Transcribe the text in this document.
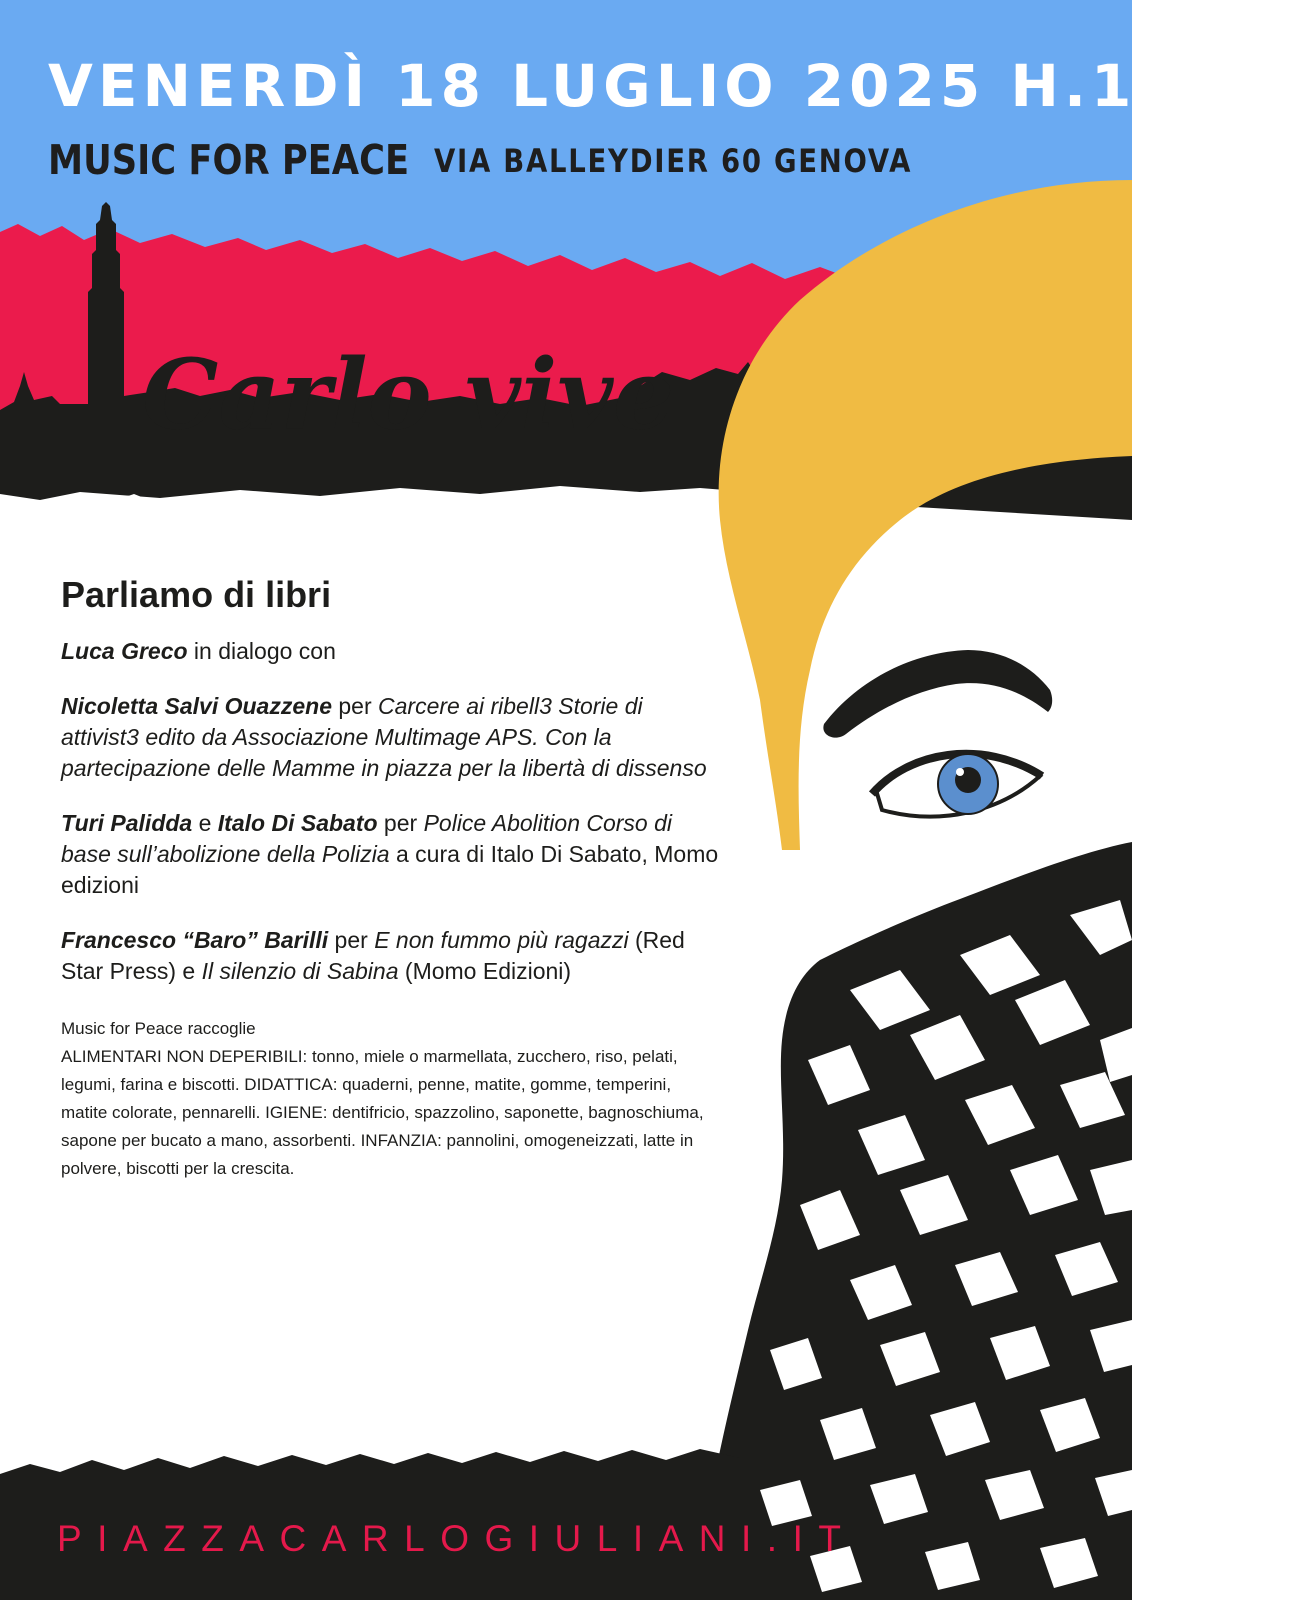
Carlo vive
VENERDÌ 18 LUGLIO 2025 H.17,30
MUSIC FOR PEACE VIA BALLEYDIER 60 GENOVA
Parliamo di libri

Luca Greco in dialogo con

Nicoletta Salvi Ouazzene per Carcere ai ribell3 Storie di attivist3 edito da Associazione Multimage APS. Con la partecipazione delle Mamme in piazza per la libertà di dissenso

Turi Palidda e Italo Di Sabato per Police Abolition Corso di base sull’abolizione della Polizia a cura di Italo Di Sabato, Momo edizioni

Francesco “Baro” Barilli per E non fummo più ragazzi (Red Star Press) e Il silenzio di Sabina (Momo Edizioni)

Music for Peace raccoglie
ALIMENTARI NON DEPERIBILI: tonno, miele o marmellata, zucchero, riso, pelati, legumi, farina e biscotti. DIDATTICA: quaderni, penne, matite, gomme, temperini, matite colorate, pennarelli. IGIENE: dentifricio, spazzolino, saponette, bagnoschiuma, sapone per bucato a mano, assorbenti. INFANZIA: pannolini, omogeneizzati, latte in polvere, biscotti per la crescita.

PIAZZACARLOGIULIANI.IT
